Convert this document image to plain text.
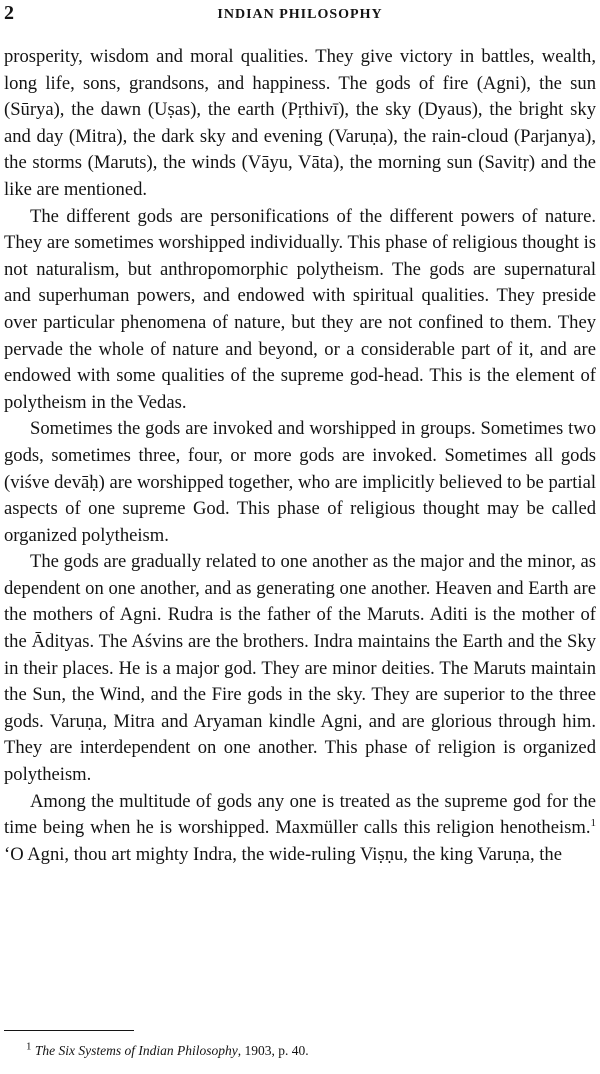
2	INDIAN PHILOSOPHY

prosperity, wisdom and moral qualities. They give victory in battles, wealth, long life, sons, grandsons, and happiness. The gods of fire (Agni), the sun (Sūrya), the dawn (Uṣas), the earth (Pṛthivī), the sky (Dyaus), the bright sky and day (Mitra), the dark sky and evening (Varuṇa), the rain-cloud (Parjanya), the storms (Maruts), the winds (Vāyu, Vāta), the morning sun (Savitṛ) and the like are mentioned.

The different gods are personifications of the different powers of nature. They are sometimes worshipped individually. This phase of religious thought is not naturalism, but anthropomorphic polytheism. The gods are supernatural and superhuman powers, and endowed with spiritual qualities. They preside over particular phenomena of nature, but they are not confined to them. They pervade the whole of nature and beyond, or a considerable part of it, and are endowed with some qualities of the supreme god-head. This is the element of polytheism in the Vedas.

Sometimes the gods are invoked and worshipped in groups. Sometimes two gods, sometimes three, four, or more gods are invoked. Sometimes all gods (viśve devāḥ) are worshipped together, who are implicitly believed to be partial aspects of one supreme God. This phase of religious thought may be called organized polytheism.

The gods are gradually related to one another as the major and the minor, as dependent on one another, and as generating one another. Heaven and Earth are the mothers of Agni. Rudra is the father of the Maruts. Aditi is the mother of the Ādityas. The Aśvins are the brothers. Indra maintains the Earth and the Sky in their places. He is a major god. They are minor deities. The Maruts maintain the Sun, the Wind, and the Fire gods in the sky. They are superior to the three gods. Varuṇa, Mitra and Aryaman kindle Agni, and are glorious through him. They are interdependent on one another. This phase of religion is organized polytheism.

Among the multitude of gods any one is treated as the supreme god for the time being when he is worshipped. Maxmüller calls this religion henotheism.$^1$ ‘O Agni, thou art mighty Indra, the wide-ruling Viṣṇu, the king Varuṇa, the

$^1$ The Six Systems of Indian Philosophy, 1903, p. 40.
